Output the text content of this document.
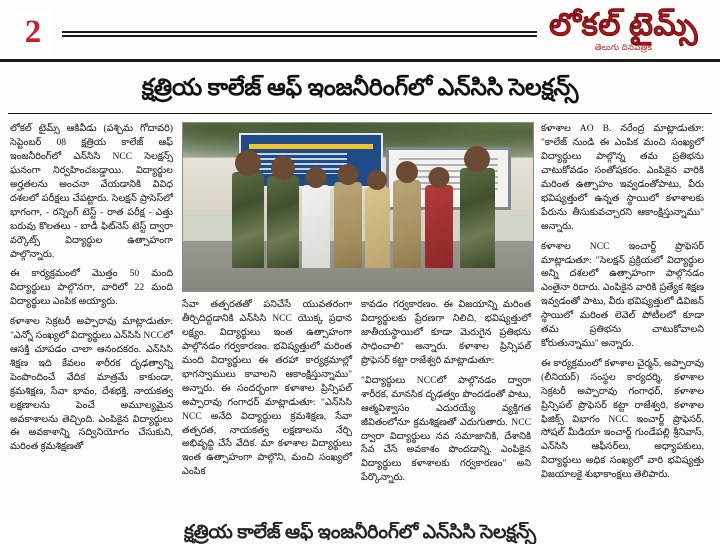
2	లోకల్ టైమ్స్
తెలుగు దినపత్రిక
క్షత్రియ కాలేజ్ ఆఫ్ ఇంజనీరింగ్‌లో ఎన్‌సిసి సెలక్షన్స్

లోకల్ టైమ్స్ ఆకివీడు (పశ్చిమ గోదావరి) సెప్టెంబర్ 08 క్షత్రియ కాలేజ్ ఆఫ్ ఇంజనీరింగ్‌లో ఎన్‌సిసి NCC సెలక్షన్స్ ఘనంగా నిర్వహించబడ్డాయి. విద్యార్థుల అర్హతలను అంచనా వేయడానికి వివిధ దశలలో పరీక్షలు చేపట్టారు. సెలక్షన్ ప్రాసెస్‌లో భాగంగా, - రన్నింగ్ టెస్ట్ - రాత పరీక్ష - ఎత్తు బరువు కొలతలు - బాడీ ఫిట్‌నెస్ టెస్ట్ ద్వారా వర్కౌట్స్ విద్యార్థుల ఉత్సాహంగా పాల్గొన్నారు.

ఈ కార్యక్రమంలో మొత్తం 50 మంది విద్యార్థులు పాల్గొనగా, వారిలో 22 మంది విద్యార్థులు ఎంపిక అయ్యారు.

కళాశాల సెక్రటరీ అప్పారావు మాట్లాడుతూ: "ఎన్నో సంఖ్యలో విద్యార్థులు ఎన్‌సిసి NCCలో ఆసక్తి చూపడం చాలా ఆనందకరం. ఎన్‌సిసి శిక్షణ ఇది కేవలం శారీరక దృఢత్వాన్ని పెంపొందించే వేదిక మాత్రమే కాకుండా, క్రమశిక్షణ, సేవా భావం, దేశభక్తి, నాయకత్వ లక్షణాలను పెంచే అమూల్యమైన అవకాశాలను తెచ్చింది. ఎంపికైన విద్యార్థులు ఈ అవకాశాన్ని సద్వినియోగం చేసుకుని, మరింత క్రమశిక్షణతో

సేవా తత్పరతతో పనిచేసే యువతరంగా తీర్చిదిద్దడానికి ఎన్‌సిసి NCC యొక్క ప్రధాన లక్ష్యం. విద్యార్థులు ఇంత ఉత్సాహంగా పాల్గొనడం గర్వకారణం. భవిష్యత్తులో మరింత మంది విద్యార్థులు ఈ తరహా కార్యక్రమాల్లో భాగస్వాములు కావాలని ఆకాంక్షిస్తున్నాము" అన్నారు. ఈ సందర్భంగా కళాశాల ప్రిన్సిపల్ అప్పారావు గంగాధర్ మాట్లాడుతూ: "ఎన్‌సిసి NCC అనేది విద్యార్థులు క్రమశిక్షణ, సేవా తత్పరత, నాయకత్వ లక్షణాలను నేర్చి అభివృద్ధి చేసే వేదిక. మా కళాశాల విద్యార్థులు ఇంత ఉత్సాహంగా పాల్గొని, మంచి సంఖ్యలో ఎంపిక

కావడం గర్వకారణం. ఈ విజయాన్ని మరింత విద్యార్థులకు ప్రేరణగా నిలిచి, భవిష్యత్తులో జాతీయస్థాయిలో కూడా మెరుగైన ప్రతిభను సాధించాలి" అన్నారు. కళాశాల ప్రిన్సిపల్ ప్రొఫెసర్ కట్టా రాజేశ్వరి మాట్లాడుతూ:

"విద్యార్థులు NCCలో పాల్గొనడం ద్వారా శారీరక, మానసిక దృఢత్వం పొందడంతో పాటు, ఆత్మవిశ్వాసం ఎదురయ్యే వ్యక్తిగత జీవితంలోనూ క్రమశిక్షణతో ఎదుగుతారు. NCC ద్వారా విద్యార్థులు నవ సమాజానికి, దేశానికి సేవ చేసే అవకాశం పొందడాన్ని. ఎంపికైన విద్యార్థులు కళాశాలకు గర్వకారణం" అని పేర్కొన్నారు.

కళాశాల AO B. నరేంద్ర మాట్లాడుతూ: "కాలేజ్ నుండి ఈ ఎంపిక మంచి సంఖ్యలో విద్యార్థులు పాల్గొన్న తమ ప్రతిభను చాటుకోవడం సంతోషకరం. ఎంపికైన వారికి మరింత ఉత్సాహం ఇవ్వడంతోపాటు, వీరు భవిష్యత్తులో ఉన్నత స్థాయిలో కళాశాలకు పేరును తీసుకువచ్చారని ఆకాంక్షిస్తున్నాము" అన్నారు.

కళాశాల NCC ఇంచార్జ్ ప్రొఫెసర్ మాట్లాడుతూ: "సెలక్షన్ ప్రక్రియలో విద్యార్థుల అన్ని దశలలో ఉత్సాహంగా పాల్గొనడం ఎంతైనా రిదారు. ఎంపికైన వారికి ప్రత్యేక శిక్షణ ఇవ్వడంతో పాటు, వీరు భవిష్యత్తులో డివిజన్ స్థాయిలో మరింత లెవెల్ పోటీలలో కూడా తమ ప్రతిభను చాటుకోవాలని కోరుతున్నాము" అన్నారు.

ఈ కార్యక్రమంలో కళాశాల చైర్మన్, అప్పారావు (లీనియర్) సంస్థల కార్యదర్శి, కళాశాల సెక్రటరీ అప్పారావు గంగాధర్, కళాశాల ప్రిన్సిపల్ ప్రొఫెసర్ కట్టా రాజేశ్వరి, కళాశాల ఫిజిక్స్ విభాగం NCC ఇంచార్జ్ ప్రొఫెసర్, సోషల్ మీడియా ఇంచార్జ్ గుండేపల్లి శ్రీనివాస్, ఎన్‌సిసి ఆఫీసర్‌లు, అధ్యాపకులు, విద్యార్థులు అధిక సంఖ్యలో వారి భవిష్యత్తు విజయాలకై శుభాకాంక్షలు తెలిపారు.

క్షత్రియ కాలేజ్ ఆఫ్ ఇంజనీరింగ్‌లో ఎన్‌సిసి సెలక్షన్స్
